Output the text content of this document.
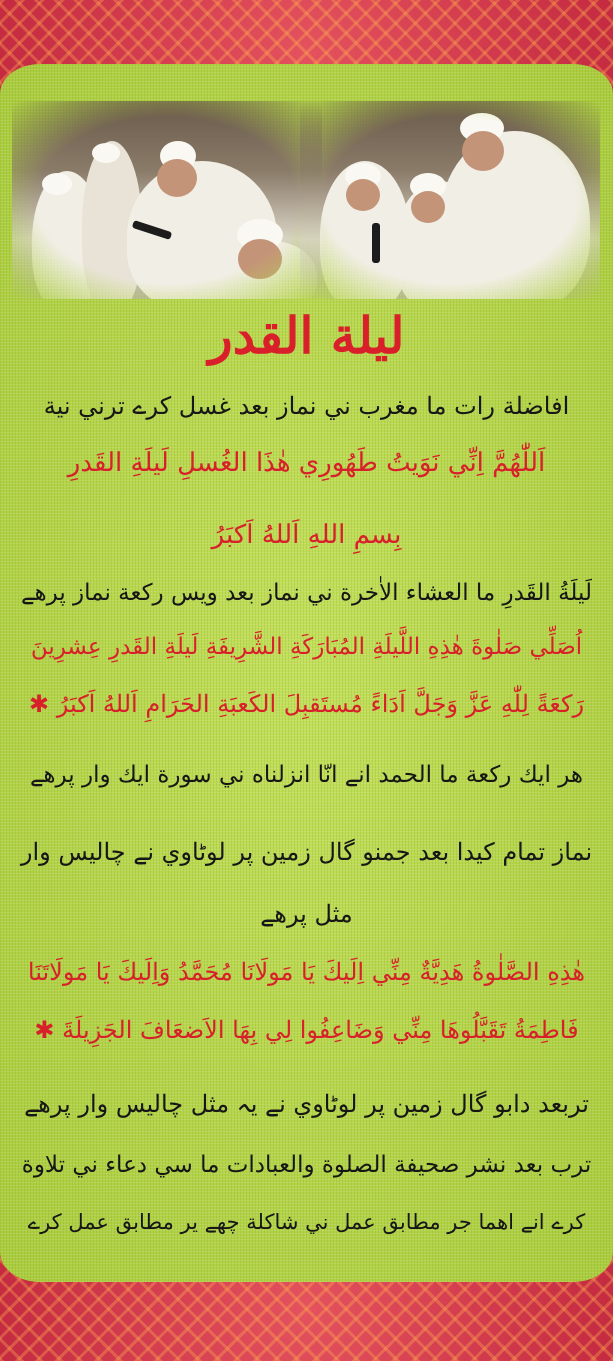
ليلة القدر
افاضلة رات ما مغرب ني نماز بعد غسل كرے ترني نية
اَللّٰهُمَّ اِنِّي نَوَيتُ طَهُورِي هٰذَا الغُسلِ لَيلَةِ القَدرِ
بِسمِ اللهِ اَللهُ اَكبَرُ
لَيلَةُ القَدرِ ما العشاء الاٰخرة ني نماز بعد ويس ركعة نماز پرهے
اُصَلِّي صَلٰوةَ هٰذِهِ اللَّيلَةِ المُبَارَكَةِ الشَّرِيفَةِ لَيلَةِ القَدرِ عِشرِينَ
رَكعَةً لِلّٰهِ عَزَّ وَجَلَّ اَدَاءً مُستَقبِلَ الكَعبَةِ الحَرَامِ اَللهُ اَكبَرُ ✱
هر ايك ركعة ما الحمد انے انّا انزلناه ني سورة ايك وار پرهے
نماز تمام كيدا بعد جمنو گال زمين پر لوٹاوي نے چاليس وار
مثل پرهے
هٰذِهِ الصَّلٰوةُ هَدِيَّةٌ مِنِّي اِلَيكَ يَا مَولَانَا مُحَمَّدُ وَاِلَيكَ يَا مَولَاتَنَا
فَاطِمَةُ تَقَبَّلُوهَا مِنِّي وَضَاعِفُوا لِي بِهَا الاَضعَافَ الجَزِيلَةَ ✱
تربعد دابو گال زمين پر لوٹاوي نے يہ مثل چاليس وار پرهے
ترب بعد نشر صحيفة الصلوة والعبادات ما سي دعاء ني تلاوة
كرے انے اهما جر مطابق عمل ني شاكلة چهے ير مطابق عمل كرے
